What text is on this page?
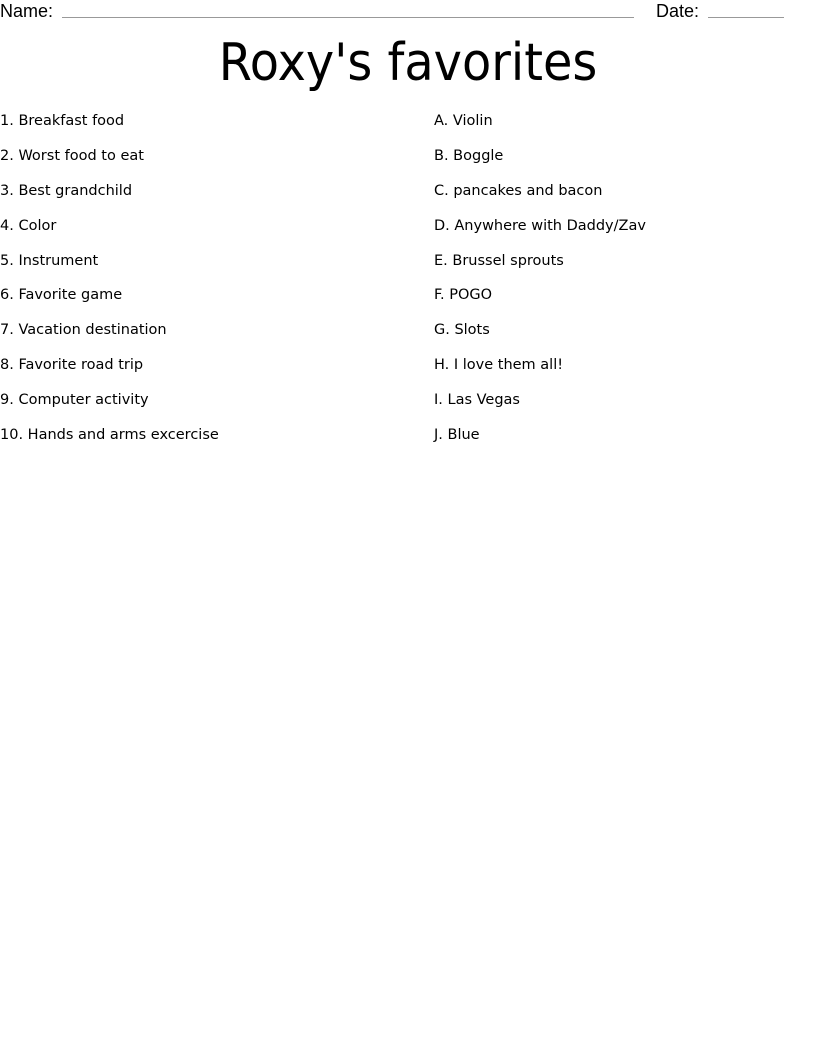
Name:	Date:
Roxy's favorites
1. Breakfast food
2. Worst food to eat
3. Best grandchild
4. Color
5. Instrument
6. Favorite game
7. Vacation destination
8. Favorite road trip
9. Computer activity
10. Hands and arms excercise
A. Violin
B. Boggle
C. pancakes and bacon
D. Anywhere with Daddy/Zav
E. Brussel sprouts
F. POGO
G. Slots
H. I love them all!
I. Las Vegas
J. Blue
